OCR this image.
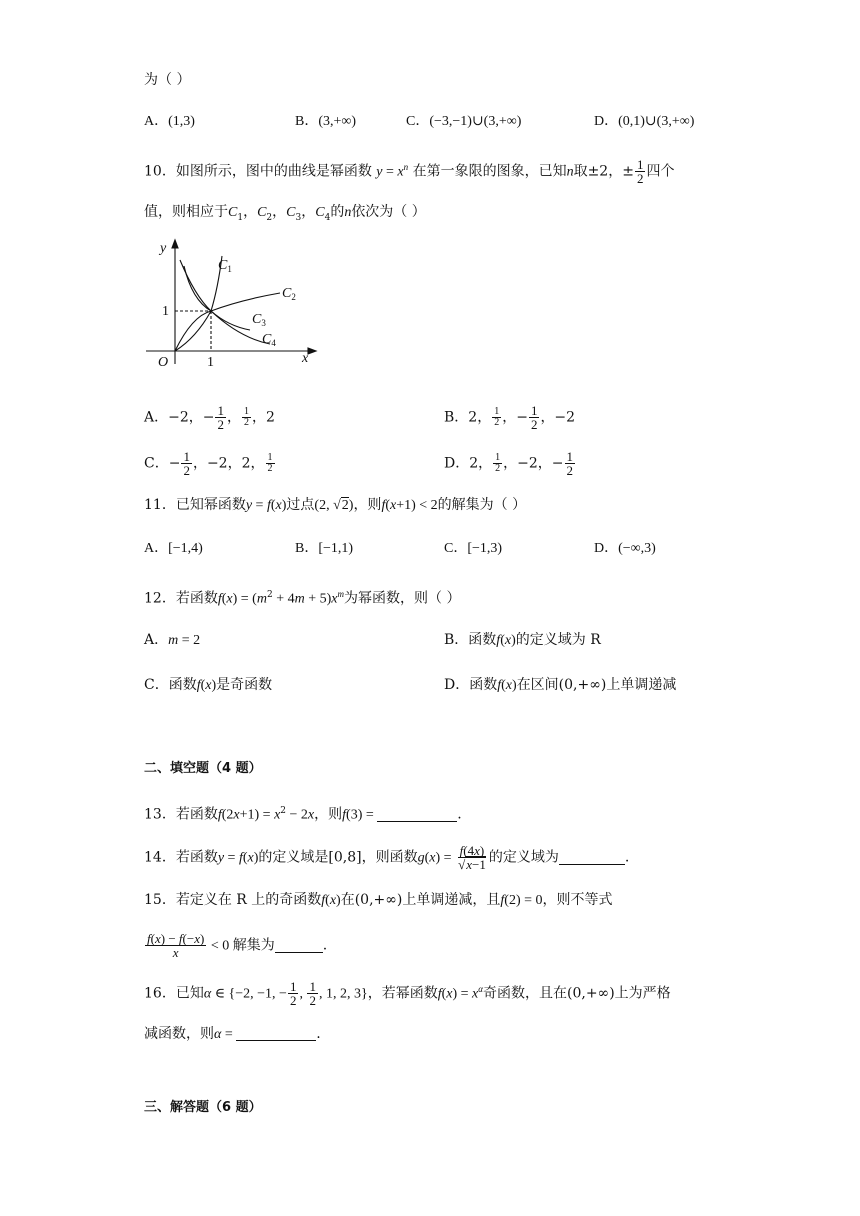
为（ ）
A．(1,3)	B．(3,+∞)	C．(−3,−1)∪(3,+∞)	D．(0,1)∪(3,+∞)
10．如图所示，图中的曲线是幂函数 $y = x^n$ 在第一象限的图象，已知n取±2，± $\frac{1}{2}$ 四个
值，则相应于$C_1$，$C_2$，$C_3$，$C_4$的n依次为（ ）
y
x
O	1
1
$C_1$
$C_2$
$C_3$
$C_4$
A．−2，− $\frac{1}{2}$ ， $\frac{1}{2}$ ，2	B．2， $\frac{1}{2}$ ，− $\frac{1}{2}$ ，−2
C．− $\frac{1}{2}$ ，−2，2， $\frac{1}{2}$	D．2， $\frac{1}{2}$ ，−2，− $\frac{1}{2}$
11．已知幂函数y = f(x)过点(2, √2)，则f(x+1) < 2的解集为（ ）
A．[−1,4)	B．[−1,1)	C．[−1,3)	D．(−∞,3)
12．若函数$f(x) = (m^2 + 4m + 5)x^m$为幂函数，则（ ）
A．m = 2	B．函数f(x)的定义域为 R
C．函数f(x)是奇函数	D．函数f(x)在区间(0,+∞)上单调递减
二、填空题（4 题）
13．若函数$f(2x+1) = x^2 - 2x$，则f(3) =	.
14．若函数y = f(x)的定义域是[0,8]，则函数$g(x) = \frac{f(4x)}{√x-1}$ 的定义域为	.
15．若定义在 R 上的奇函数f(x)在(0,+∞)上单调递减，且f(2) = 0，则不等式
$\frac{f(x) - f(-x)}{x} < 0$ 解集为	.
16．已知α ∈ {−2, −1, − $\frac{1}{2}$ , $\frac{1}{2}$ , 1, 2, 3}，若幂函数$f(x) = x^\alpha$奇函数，且在(0,+∞)上为严格
减函数，则α =	.
三、解答题（6 题）
